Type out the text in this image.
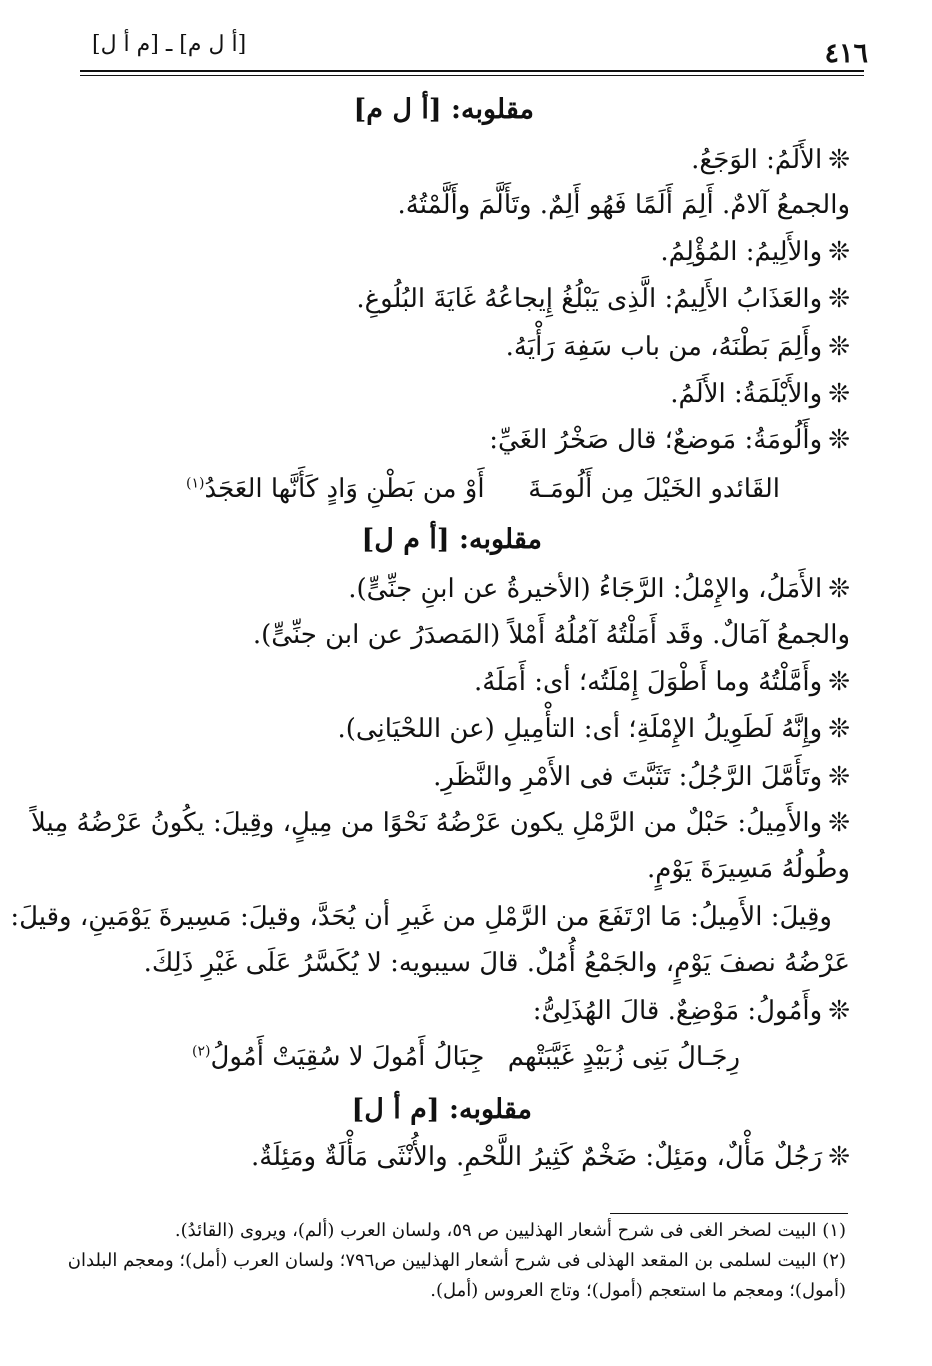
٤١٦
[أ ل م] ـ [م أ ل]
مقلوبه: [أ ل م]
❊الأَلَمُ: الوَجَعُ.
والجمعُ آلامٌ. أَلِمَ أَلَمًا فَهُو أَلِمٌ. وتَأَلَّمَ وأَلَّمْتُهُ.
❊والأَلِيمُ: المُؤْلِمُ.
❊والعَذَابُ الأَلِيمُ: الَّذِى يَبْلُغُ إِيجاعُهُ غَايَةَ البُلُوغِ.
❊وأَلِمَ بَطْنَهُ، من باب سَفِهَ رَأْيَهُ.
❊والأَيْلَمَةُ: الأَلَمُ.
❊وأَلُومَةُ: مَوضعٌ؛ قال صَخْرُ الغَيِّ:
القَائدو الخَيْلَ مِن أَلُومَـةَ
أَوْ من بَطْنِ وَادٍ كَأَنَّها العَجَدُ$^{(١)}$
مقلوبه: [أ م ل]
❊الأَمَلُ، والإِمْلُ: الرَّجَاءُ (الأخيرةُ عن ابنِ جنِّىٍّ).
والجمعُ آمَالٌ. وقَد أَمَلْتُهُ آمُلُهُ أَمْلاً (المَصدَرُ عن ابن جنِّىٍّ).
❊وأَمَّلْتُهُ وما أَطْوَلَ إِمْلَتُه؛ أى: أَمَلَهُ.
❊وإِنَّهُ لَطَوِيلُ الإِمْلَةِ؛ أى: التأْمِيلِ (عن اللحْيَانِى).
❊وتَأَمَّلَ الرَّجُلُ: تَثَبَّتَ فى الأَمْرِ والنَّظَرِ.
❊والأَمِيلُ: حَبْلٌ من الرَّمْلِ يكون عَرْضُهُ نَحْوًا من مِيلٍ، وقِيلَ: يكُونُ عَرْضُهُ مِيلاً
وطُولُهُ مَسِيرَةَ يَوْمٍ.
وقِيلَ: الأَمِيلُ: مَا ارْتَفَعَ من الرَّمْلِ من غَيرِ أن يُحَدَّ، وقيلَ: مَسِيرةَ يَوْمَينِ، وقيلَ:
عَرْضُهُ نصفَ يَوْمٍ، والجَمْعُ أُمُلٌ. قالَ سيبويه: لا يُكَسَّرُ عَلَى غَيْرِ ذَلِكَ.
❊وأَمُولُ: مَوْضِعٌ. قالَ الهُذَلِىُّ:
رِجَـالُ بَنِى زُبَيْدٍ غَيَّبَتْهم
جِبَالُ أَمُولَ لا سُقِيَتْ أَمُولُ$^{(٢)}$
مقلوبه: [م أ ل]
❊رَجُلٌ مَأْلٌ، ومَئِلٌ: ضَخْمٌ كَثِيرُ اللَّحْمِ. والأُنْثَى مَأْلَةٌ ومَئِلَةٌ.
(١) البيت لصخر الغى فى شرح أشعار الهذليين ص ٥٩، ولسان العرب (ألم)، ويروى (القائدُ).
(٢) البيت لسلمى بن المقعد الهذلى فى شرح أشعار الهذليين ص٧٩٦؛ ولسان العرب (أمل)؛ ومعجم البلدان
(أمول)؛ ومعجم ما استعجم (أمول)؛ وتاج العروس (أمل).
